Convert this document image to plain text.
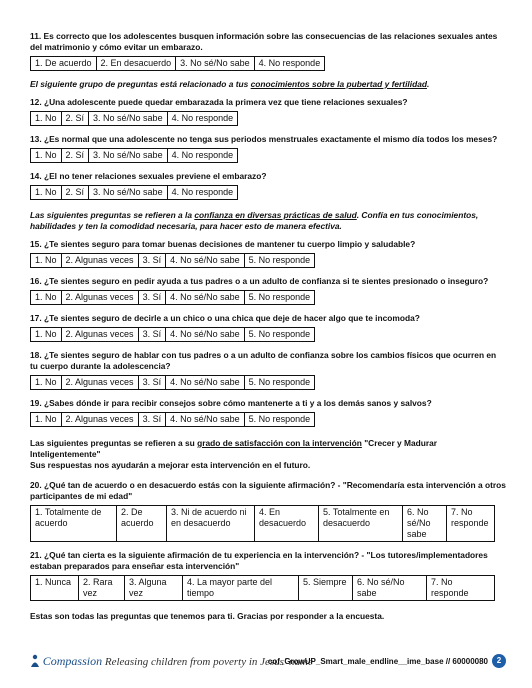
11. Es correcto que los adolescentes busquen información sobre las consecuencias de las relaciones sexuales antes del matrimonio y cómo evitar un embarazo.

1. De acuerdo	2. En desacuerdo	3. No sé/No sabe	4. No responde

El siguiente grupo de preguntas está relacionado a tus conocimientos sobre la pubertad y fertilidad.

12. ¿Una adolescente puede quedar embarazada la primera vez que tiene relaciones sexuales?

1. No	2. Sí	3. No sé/No sabe	4. No responde

13. ¿Es normal que una adolescente no tenga sus periodos menstruales exactamente el mismo día todos los meses?

1. No	2. Sí	3. No sé/No sabe	4. No responde

14. ¿El no tener relaciones sexuales previene el embarazo?

1. No	2. Sí	3. No sé/No sabe	4. No responde

Las siguientes preguntas se refieren a la confianza en diversas prácticas de salud. Confía en tus conocimientos, habilidades y ten la comodidad necesaria, para hacer esto de manera efectiva.

15. ¿Te sientes seguro para tomar buenas decisiones de mantener tu cuerpo limpio y saludable?

1. No	2. Algunas veces	3. Sí	4. No sé/No sabe	5. No responde

16. ¿Te sientes seguro en pedir ayuda a tus padres o a un adulto de confianza si te sientes presionado o inseguro?

1. No	2. Algunas veces	3. Sí	4. No sé/No sabe	5. No responde

17. ¿Te sientes seguro de decirle a un chico o una chica que deje de hacer algo que te incomoda?

1. No	2. Algunas veces	3. Sí	4. No sé/No sabe	5. No responde

18. ¿Te sientes seguro de hablar con tus padres o a un adulto de confianza sobre los cambios físicos que ocurren en tu cuerpo durante la adolescencia?

1. No	2. Algunas veces	3. Sí	4. No sé/No sabe	5. No responde

19. ¿Sabes dónde ir para recibir consejos sobre cómo mantenerte a ti y a los demás sanos y salvos?

1. No	2. Algunas veces	3. Sí	4. No sé/No sabe	5. No responde

Las siguientes preguntas se refieren a su grado de satisfacción con la intervención "Crecer y Madurar Inteligentemente"
Sus respuestas nos ayudarán a mejorar esta intervención en el futuro.

20. ¿Qué tan de acuerdo o en desacuerdo estás con la siguiente afirmación? - "Recomendaría esta intervención a otros participantes de mi edad"

1. Totalmente de acuerdo	2. De acuerdo	3. Ni de acuerdo ni en desacuerdo	4. En desacuerdo	5. Totalmente en desacuerdo	6. No sé/No sabe	7. No responde

21. ¿Qué tan cierta es la siguiente afirmación de tu experiencia en la intervención? - "Los tutores/implementadores estaban preparados para enseñar esta intervención"

1. Nunca	2. Rara vez	3. Alguna vez	4. La mayor parte del tiempo	5. Siempre	6. No sé/No sabe	7. No responde

Estas son todas las preguntas que tenemos para ti. Gracias por responder a la encuesta.

Compassion Releasing children from poverty in Jesus' name
cof_GrowUP_Smart_male_endline__ime_base // 60000080	2
